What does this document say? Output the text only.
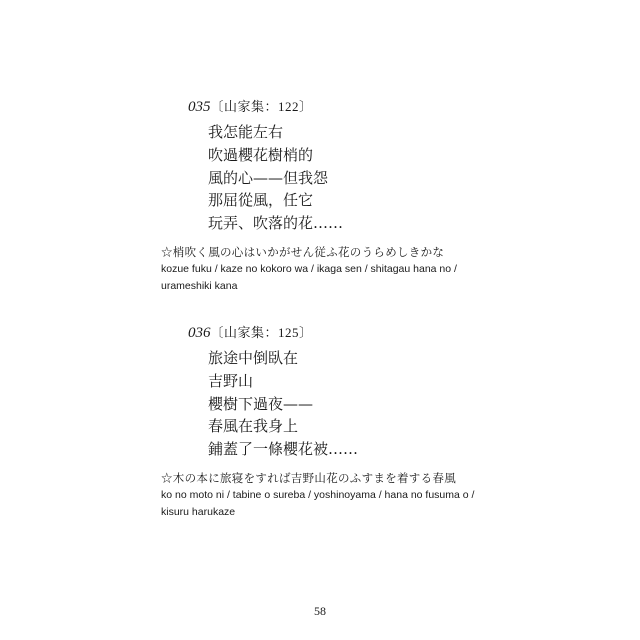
035〔山家集：122〕
我怎能左右
吹過櫻花樹梢的
風的心——但我怨
那屈從風，任它
玩弄、吹落的花……
☆梢吹く風の心はいかがせん従ふ花のうらめしきかな
kozue fuku / kaze no kokoro wa / ikaga sen / shitagau hana no /
urameshiki kana
036〔山家集：125〕
旅途中倒臥在
吉野山
櫻樹下過夜——
春風在我身上
鋪蓋了一條櫻花被……
☆木の本に旅寝をすれば吉野山花のふすまを着する春風
ko no moto ni / tabine o sureba / yoshinoyama / hana no fusuma o /
kisuru harukaze
58
